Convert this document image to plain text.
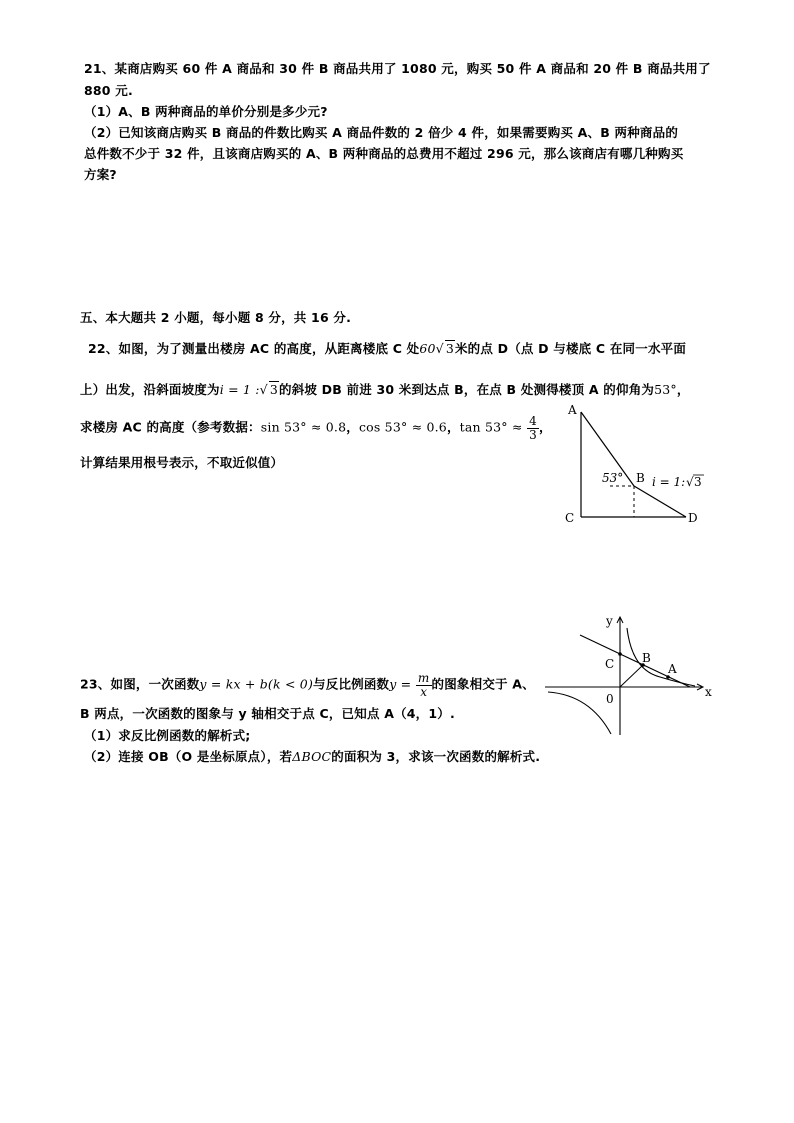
21、某商店购买 60 件 A 商品和 30 件 B 商品共用了 1080 元，购买 50 件 A 商品和 20 件 B 商品共用了
880 元.
（1）A、B 两种商品的单价分别是多少元?
（2）已知该商店购买 B 商品的件数比购买 A 商品件数的 2 倍少 4 件，如果需要购买 A、B 两种商品的
总件数不少于 32 件，且该商店购买的 A、B 两种商品的总费用不超过 296 元，那么该商店有哪几种购买
方案?
五、本大题共 2 小题，每小题 8 分，共 16 分.
22、如图，为了测量出楼房 AC 的高度，从距离楼底 C 处60√ 3米的点 D（点 D 与楼底 C 在同一水平面
上）出发，沿斜面坡度为i = 1 :√ 3的斜坡 DB 前进 30 米到达点 B，在点 B 处测得楼顶 A 的仰角为53°，
求楼房 AC 的高度（参考数据：sin 53° ≈ 0.8，cos 53° ≈ 0.6，$\tan 53^\circ \approx \frac{4}{3}$ ，
计算结果用根号表示，不取近似值）
A
B
C	D
53° i = 1: √ 3
23、如图，一次函数y = kx + b(k < 0)与反比例函数$y = \frac{m}{x}$ 的图象相交于 A、
B 两点，一次函数的图象与 y 轴相交于点 C，已知点 A（4，1）.
（1）求反比例函数的解析式;
（2）连接 OB（O 是坐标原点），若ΔBOC的面积为 3，求该一次函数的解析式.
y
x
C B
A
0
